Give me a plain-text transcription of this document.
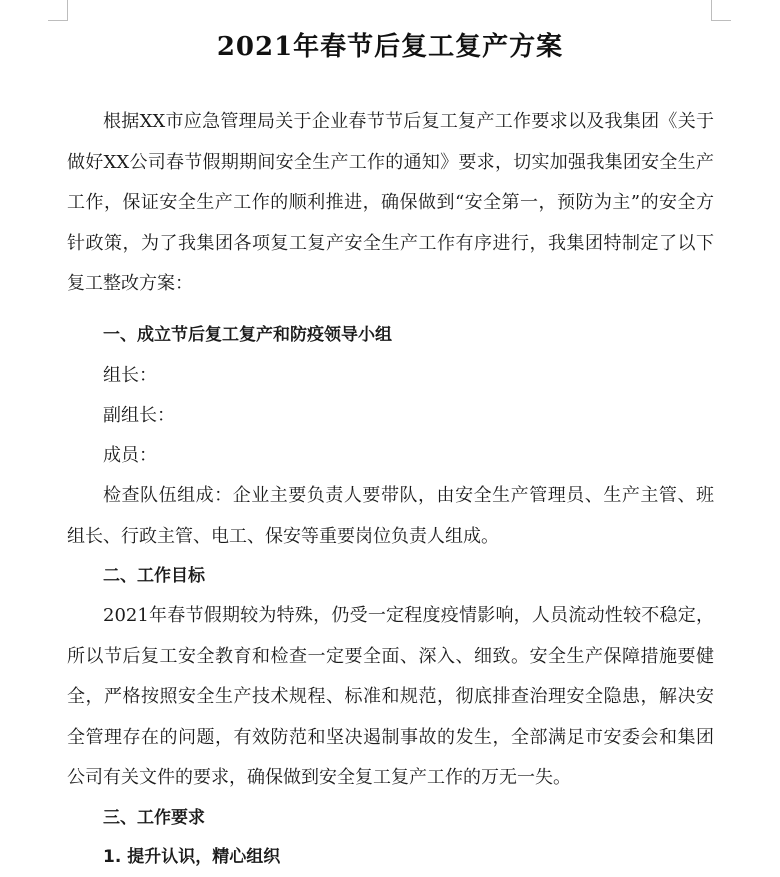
2021年春节后复工复产方案

根据XX市应急管理局关于企业春节节后复工复产工作要求以及我集团《关于做好XX公司春节假期期间安全生产工作的通知》要求，切实加强我集团安全生产工作，保证安全生产工作的顺利推进，确保做到“安全第一，预防为主”的安全方针政策，为了我集团各项复工复产安全生产工作有序进行，我集团特制定了以下复工整改方案：

一、成立节后复工复产和防疫领导小组

组长：

副组长：

成员：

检查队伍组成：企业主要负责人要带队，由安全生产管理员、生产主管、班组长、行政主管、电工、保安等重要岗位负责人组成。

二、工作目标

2021年春节假期较为特殊，仍受一定程度疫情影响，人员流动性较不稳定，所以节后复工安全教育和检查一定要全面、深入、细致。安全生产保障措施要健全，严格按照安全生产技术规程、标准和规范，彻底排查治理安全隐患，解决安全管理存在的问题，有效防范和坚决遏制事故的发生，全部满足市安委会和集团公司有关文件的要求，确保做到安全复工复产工作的万无一失。

三、工作要求

1. 提升认识，精心组织
